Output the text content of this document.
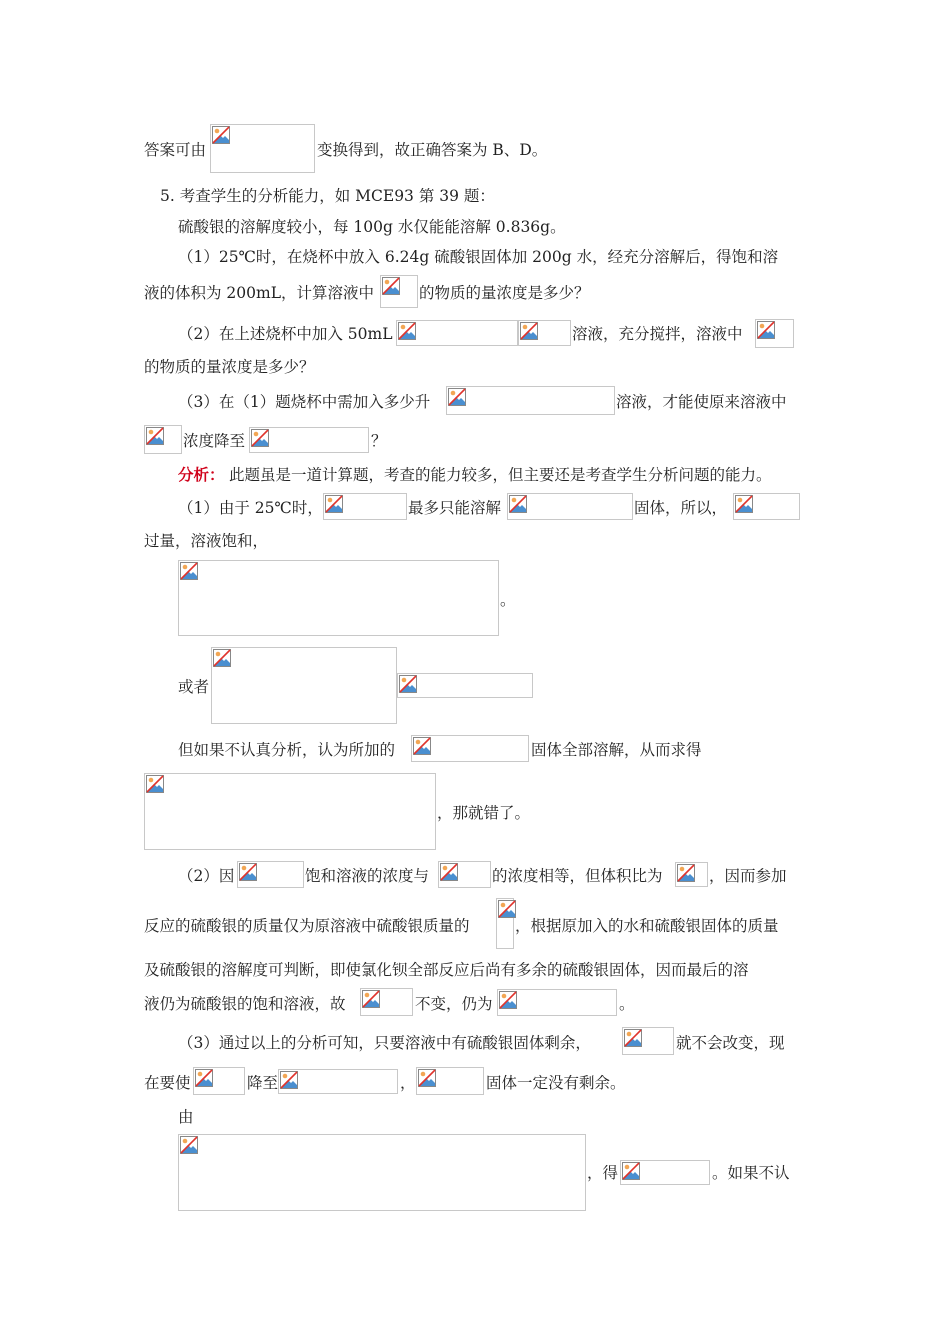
答案可由	变换得到，故正确答案为 B、D。
5. 考查学生的分析能力，如 MCE93 第 39 题：
硫酸银的溶解度较小，每 100g 水仅能能溶解 0.836g。
（1）25℃时，在烧杯中放入 6.24g 硫酸银固体加 200g 水，经充分溶解后，得饱和溶
液的体积为 200mL，计算溶液中	的物质的量浓度是多少？
（2）在上述烧杯中加入 50mL	溶液，充分搅拌，溶液中
的物质的量浓度是多少？
（3）在（1）题烧杯中需加入多少升	溶液，才能使原来溶液中
浓度降至	？
分析： 此题虽是一道计算题，考查的能力较多，但主要还是考查学生分析问题的能力。
（1）由于 25℃时，	最多只能溶解	固体，所以，
过量，溶液饱和，
。
或者
但如果不认真分析，认为所加的	固体全部溶解，从而求得
，那就错了。
（2）因	饱和溶液的浓度与	的浓度相等，但体积比为	，因而参加
反应的硫酸银的质量仅为原溶液中硫酸银质量的	，根据原加入的水和硫酸银固体的质量
及硫酸银的溶解度可判断，即使氯化钡全部反应后尚有多余的硫酸银固体，因而最后的溶
液仍为硫酸银的饱和溶液，故	不变，仍为	。
（3）通过以上的分析可知，只要溶液中有硫酸银固体剩余，	就不会改变，现
在要使	降至	，	固体一定没有剩余。
由
，得	。如果不认
